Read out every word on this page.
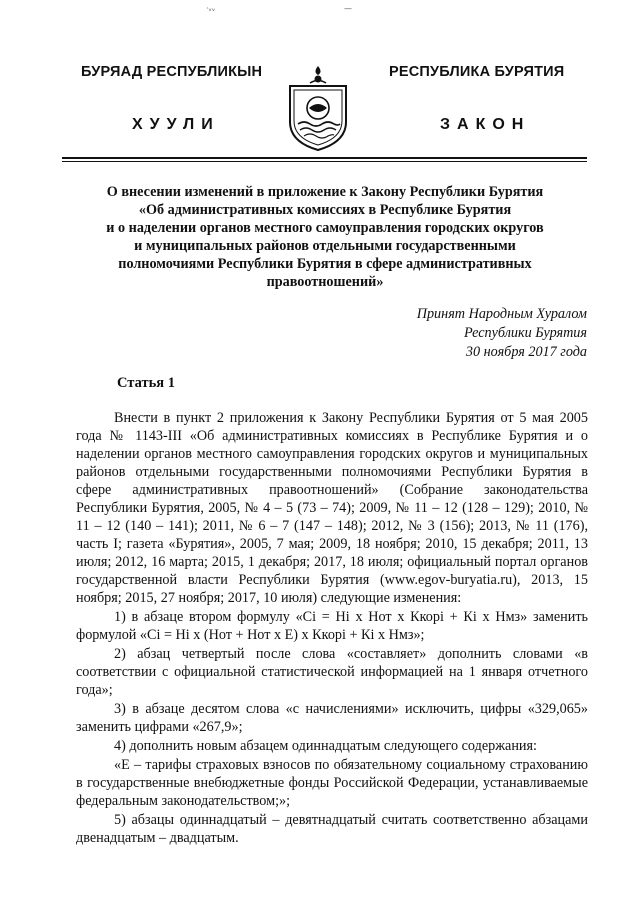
·ᵥᵥ	—
БУРЯАД РЕСПУБЛИКЫН	РЕСПУБЛИКА БУРЯТИЯ
ХУУЛИ	ЗАКОН
О внесении изменений в приложение к Закону Республики Бурятия
«Об административных комиссиях в Республике Бурятия
и о наделении органов местного самоуправления городских округов
и муниципальных районов отдельными государственными
полномочиями Республики Бурятия в сфере административных
правоотношений»
Принят Народным Хуралом
Республики Бурятия
30 ноября 2017 года
Статья 1

Внести в пункт 2 приложения к Закону Республики Бурятия от 5 мая 2005 года № 1143-III «Об административных комиссиях в Республике Бурятия и о наделении органов местного самоуправления городских округов и муниципальных районов отдельными государственными полномочиями Республики Бурятия в сфере административных правоотношений» (Собрание законодательства Республики Бурятия, 2005, № 4 – 5 (73 – 74); 2009, № 11 – 12 (128 – 129); 2010, № 11 – 12 (140 – 141); 2011, № 6 – 7 (147 – 148); 2012, № 3 (156); 2013, № 11 (176), часть I; газета «Бурятия», 2005, 7 мая; 2009, 18 ноября; 2010, 15 декабря; 2011, 13 июля; 2012, 16 марта; 2015, 1 декабря; 2017, 18 июля; официальный портал органов государственной власти Республики Бурятия (www.egov-buryatia.ru), 2013, 15 ноября; 2015, 27 ноября; 2017, 10 июля) следующие изменения:

1) в абзаце втором формулу «Сi = Hi х Нот х Ккорi + Кi х Нмз» заменить формулой «Сi = Hi х (Нот + Нот х Е) х Ккорi + Кi х Нмз»;

2) абзац четвертый после слова «составляет» дополнить словами «в соответствии с официальной статистической информацией на 1 января отчетного года»;

3) в абзаце десятом слова «с начислениями» исключить, цифры «329,065» заменить цифрами «267,9»;

4) дополнить новым абзацем одиннадцатым следующего содержания:

«Е – тарифы страховых взносов по обязательному социальному страхованию в государственные внебюджетные фонды Российской Федерации, устанавливаемые федеральным законодательством;»;

5) абзацы одиннадцатый – девятнадцатый считать соответственно абзацами двенадцатым – двадцатым.
